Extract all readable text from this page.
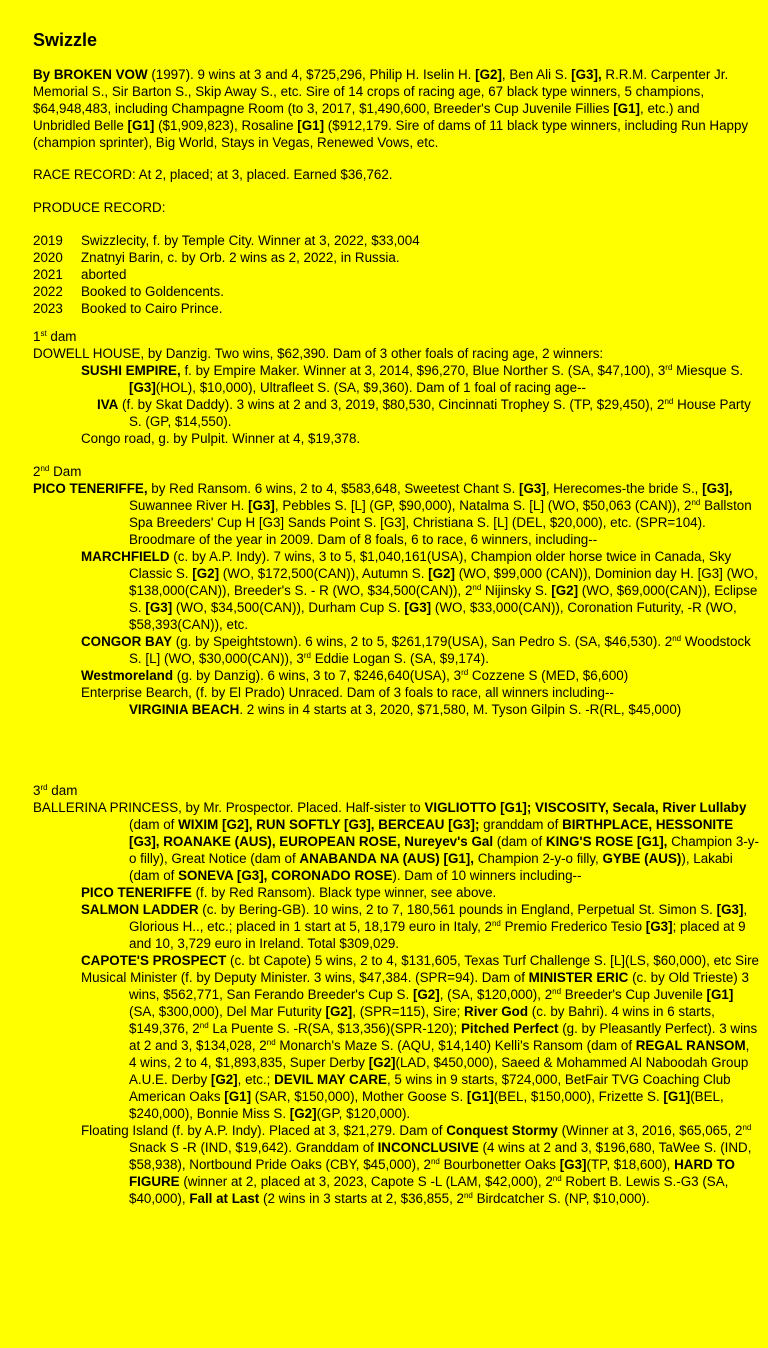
Swizzle

By BROKEN VOW (1997). 9 wins at 3 and 4, $725,296, Philip H. Iselin H. [G2], Ben Ali S. [G3], R.R.M. Carpenter Jr. Memorial S., Sir Barton S., Skip Away S., etc. Sire of 14 crops of racing age, 67 black type winners, 5 champions, $64,948,483, including Champagne Room (to 3, 2017, $1,490,600, Breeder's Cup Juvenile Fillies [G1], etc.) and Unbridled Belle [G1] ($1,909,823), Rosaline [G1] ($912,179. Sire of dams of 11 black type winners, including Run Happy (champion sprinter), Big World, Stays in Vegas, Renewed Vows, etc.

RACE RECORD: At 2, placed; at 3, placed. Earned $36,762.

PRODUCE RECORD:

2019	Swizzlecity, f. by Temple City. Winner at 3, 2022, $33,004
2020	Znatnyi Barin, c. by Orb. 2 wins as 2, 2022, in Russia.
2021	aborted
2022	Booked to Goldencents.
2023	Booked to Cairo Prince.

1st dam

DOWELL HOUSE, by Danzig. Two wins, $62,390. Dam of 3 other foals of racing age, 2 winners:

SUSHI EMPIRE, f. by Empire Maker. Winner at 3, 2014, $96,270, Blue Norther S. (SA, $47,100), 3rd Miesque S. [G3](HOL), $10,000), Ultrafleet S. (SA, $9,360). Dam of 1 foal of racing age--

IVA (f. by Skat Daddy). 3 wins at 2 and 3, 2019, $80,530, Cincinnati Trophey S. (TP, $29,450), 2nd House Party S. (GP, $14,550).

Congo road, g. by Pulpit. Winner at 4, $19,378.

2nd Dam

PICO TENERIFFE, by Red Ransom. 6 wins, 2 to 4, $583,648, Sweetest Chant S. [G3], Herecomes-the bride S., [G3], Suwannee River H. [G3], Pebbles S. [L] (GP, $90,000), Natalma S. [L] (WO, $50,063 (CAN)), 2nd Ballston Spa Breeders' Cup H [G3] Sands Point S. [G3], Christiana S. [L] (DEL, $20,000), etc. (SPR=104). Broodmare of the year in 2009. Dam of 8 foals, 6 to race, 6 winners, including--

MARCHFIELD (c. by A.P. Indy). 7 wins, 3 to 5, $1,040,161(USA), Champion older horse twice in Canada, Sky Classic S. [G2] (WO, $172,500(CAN)), Autumn S. [G2] (WO, $99,000 (CAN)), Dominion day H. [G3] (WO, $138,000(CAN)), Breeder's S. - R (WO, $34,500(CAN)), 2nd Nijinsky S. [G2] (WO, $69,000(CAN)), Eclipse S. [G3] (WO, $34,500(CAN)), Durham Cup S. [G3] (WO, $33,000(CAN)), Coronation Futurity, -R (WO, $58,393(CAN)), etc.

CONGOR BAY (g. by Speightstown). 6 wins, 2 to 5, $261,179(USA), San Pedro S. (SA, $46,530). 2nd Woodstock S. [L] (WO, $30,000(CAN)), 3rd Eddie Logan S. (SA, $9,174).

Westmoreland (g. by Danzig). 6 wins, 3 to 7, $246,640(USA), 3rd Cozzene S (MED, $6,600)

Enterprise Bearch, (f. by El Prado) Unraced. Dam of 3 foals to race, all winners including--

VIRGINIA BEACH. 2 wins in 4 starts at 3, 2020, $71,580, M. Tyson Gilpin S. -R(RL, $45,000)

3rd dam

BALLERINA PRINCESS, by Mr. Prospector. Placed. Half-sister to VIGLIOTTO [G1]; VISCOSITY, Secala, River Lullaby (dam of WIXIM [G2], RUN SOFTLY [G3], BERCEAU [G3]; granddam of BIRTHPLACE, HESSONITE [G3], ROANAKE (AUS), EUROPEAN ROSE, Nureyev's Gal (dam of KING'S ROSE [G1], Champion 3-y-o filly), Great Notice (dam of ANABANDA NA (AUS) [G1], Champion 2-y-o filly, GYBE (AUS)), Lakabi (dam of SONEVA [G3], CORONADO ROSE). Dam of 10 winners including--

PICO TENERIFFE (f. by Red Ransom). Black type winner, see above.

SALMON LADDER (c. by Bering-GB). 10 wins, 2 to 7, 180,561 pounds in England, Perpetual St. Simon S. [G3], Glorious H.., etc.; placed in 1 start at 5, 18,179 euro in Italy, 2nd Premio Frederico Tesio [G3]; placed at 9 and 10, 3,729 euro in Ireland. Total $309,029.

CAPOTE'S PROSPECT (c. bt Capote) 5 wins, 2 to 4, $131,605, Texas Turf Challenge S. [L](LS, $60,000), etc Sire

Musical Minister (f. by Deputy Minister. 3 wins, $47,384. (SPR=94). Dam of MINISTER ERIC (c. by Old Trieste) 3 wins, $562,771, San Ferando Breeder's Cup S. [G2], (SA, $120,000), 2nd Breeder's Cup Juvenile [G1] (SA, $300,000), Del Mar Futurity [G2], (SPR=115), Sire; River God (c. by Bahri). 4 wins in 6 starts, $149,376, 2nd La Puente S. -R(SA, $13,356)(SPR-120); Pitched Perfect (g. by Pleasantly Perfect). 3 wins at 2 and 3, $134,028, 2nd Monarch's Maze S. (AQU, $14,140) Kelli's Ransom (dam of REGAL RANSOM, 4 wins, 2 to 4, $1,893,835, Super Derby [G2](LAD, $450,000), Saeed & Mohammed Al Naboodah Group A.U.E. Derby [G2], etc.; DEVIL MAY CARE, 5 wins in 9 starts, $724,000, BetFair TVG Coaching Club American Oaks [G1] (SAR, $150,000), Mother Goose S. [G1](BEL, $150,000), Frizette S. [G1](BEL, $240,000), Bonnie Miss S. [G2](GP, $120,000).

Floating Island (f. by A.P. Indy). Placed at 3, $21,279. Dam of Conquest Stormy (Winner at 3, 2016, $65,065, 2nd Snack S -R (IND, $19,642). Granddam of INCONCLUSIVE (4 wins at 2 and 3, $196,680, TaWee S. (IND, $58,938), Nortbound Pride Oaks (CBY, $45,000), 2nd Bourbonetter Oaks [G3](TP, $18,600), HARD TO FIGURE (winner at 2, placed at 3, 2023, Capote S -L (LAM, $42,000), 2nd Robert B. Lewis S.-G3 (SA, $40,000), Fall at Last (2 wins in 3 starts at 2, $36,855, 2nd Birdcatcher S. (NP, $10,000).
